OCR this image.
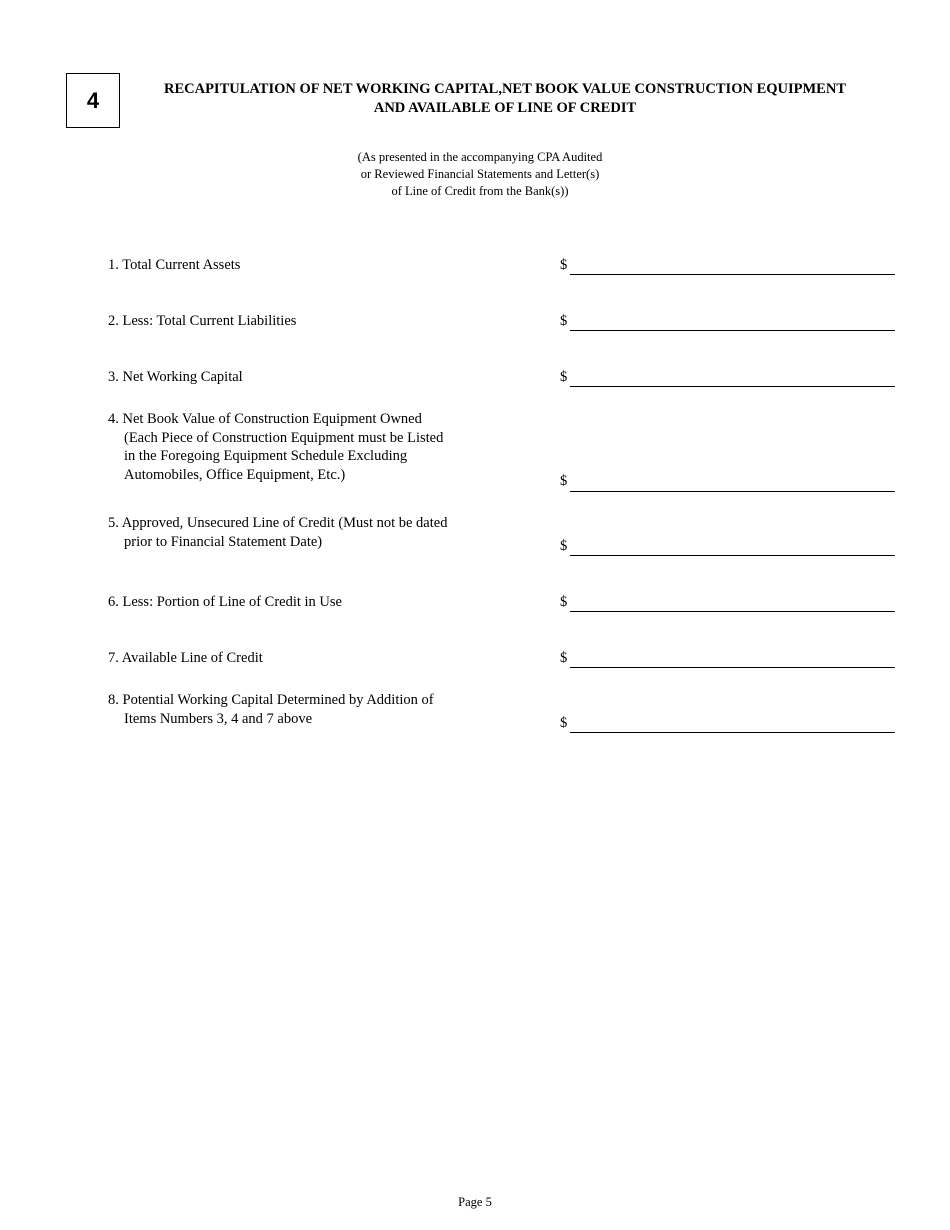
4	RECAPITULATION OF NET WORKING CAPITAL,NET BOOK VALUE CONSTRUCTION EQUIPMENT
AND AVAILABLE OF LINE OF CREDIT
(As presented in the accompanying CPA Audited
or Reviewed Financial Statements and Letter(s)
of Line of Credit from the Bank(s))
1. Total Current Assets	$
2. Less: Total Current Liabilities	$
3. Net Working Capital	$
4. Net Book Value of Construction Equipment Owned
(Each Piece of Construction Equipment must be Listed
in the Foregoing Equipment Schedule Excluding
Automobiles, Office Equipment, Etc.)	$
5. Approved, Unsecured Line of Credit (Must not be dated
prior to Financial Statement Date)	$
6. Less: Portion of Line of Credit in Use	$
7. Available Line of Credit	$
8. Potential Working Capital Determined by Addition of
Items Numbers 3, 4 and 7 above	$
Page 5
